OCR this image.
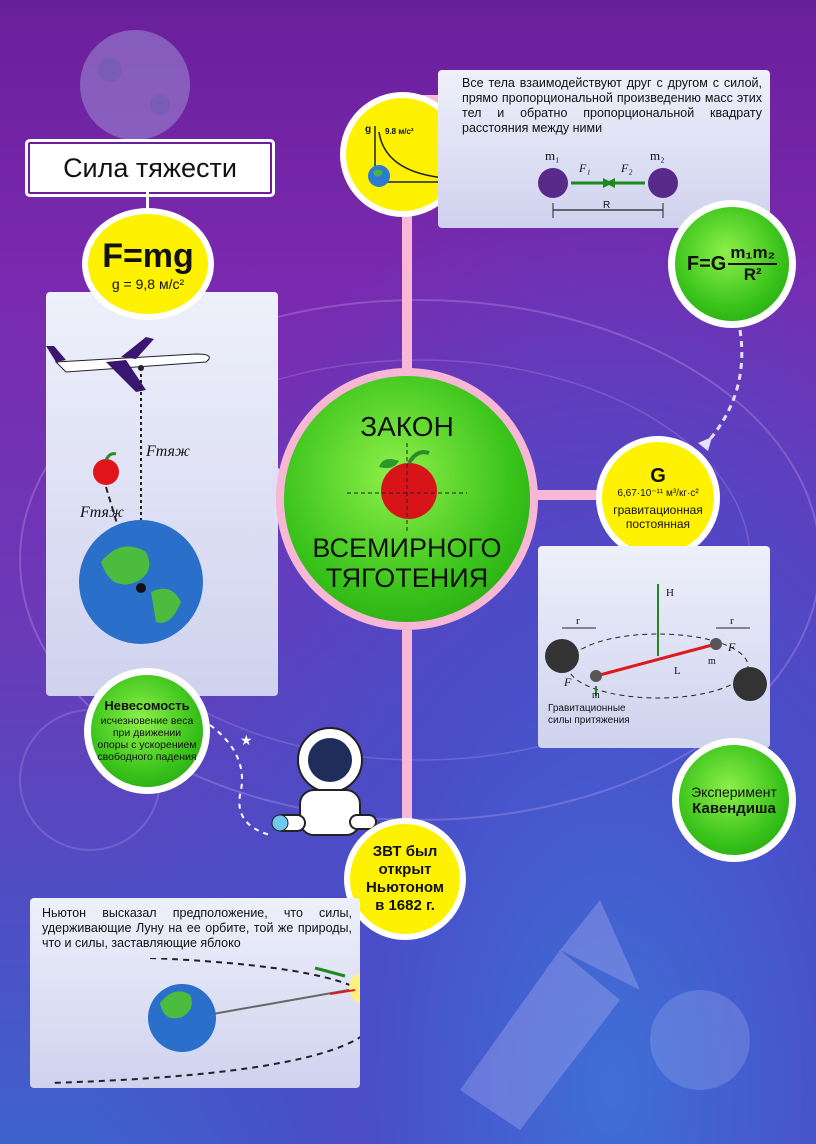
g 9.8 м/с²
Все тела взаимодействуют друг с другом с силой, прямо пропорциональной произведению масс этих тел и обратно пропорциональной квадрату расстояния между ними
m₁	m₂
F₁	F₂
R
Сила тяжести
Fтяж
Fтяж
F=mg
g = 9,8 м/с²
ЗАКОН
ВСЕМИРНОГО
ТЯГОТЕНИЯ
$F=G \frac{\text{m₁m₂}}{\text{R²}}$
G
6,67·10⁻¹¹ м³/кг·с²
гравитационная
постоянная
H
L
r	r
m
m
F
F
Гравитационные
силы притяжения
Эксперимент
Кавендиша
Невесомость
исчезновение веса при движении опоры с ускорением свободного падения
★
ЗВТ был
открыт
Ньютоном
в 1682 г.
Ньютон высказал предположение, что силы, удерживающие Луну на ее орбите, той же природы, что и силы, заставляющие яблоко
